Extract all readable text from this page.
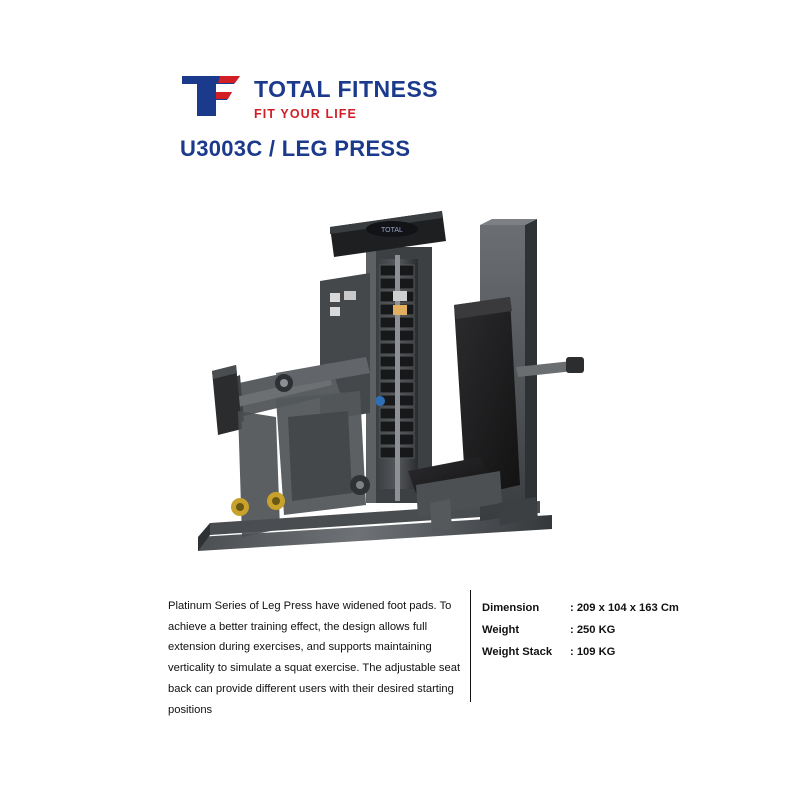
TOTAL FITNESS
FIT YOUR LIFE
U3003C / LEG PRESS
TOTAL
Platinum Series of Leg Press have widened foot pads. To achieve a better training effect, the design allows full extension during exercises, and supports maintaining verticality to simulate a squat exercise. The adjustable seat back can provide different users with their desired starting positions
Dimension	: 209 x 104 x 163 Cm
Weight	: 250 KG
Weight Stack	: 109 KG
